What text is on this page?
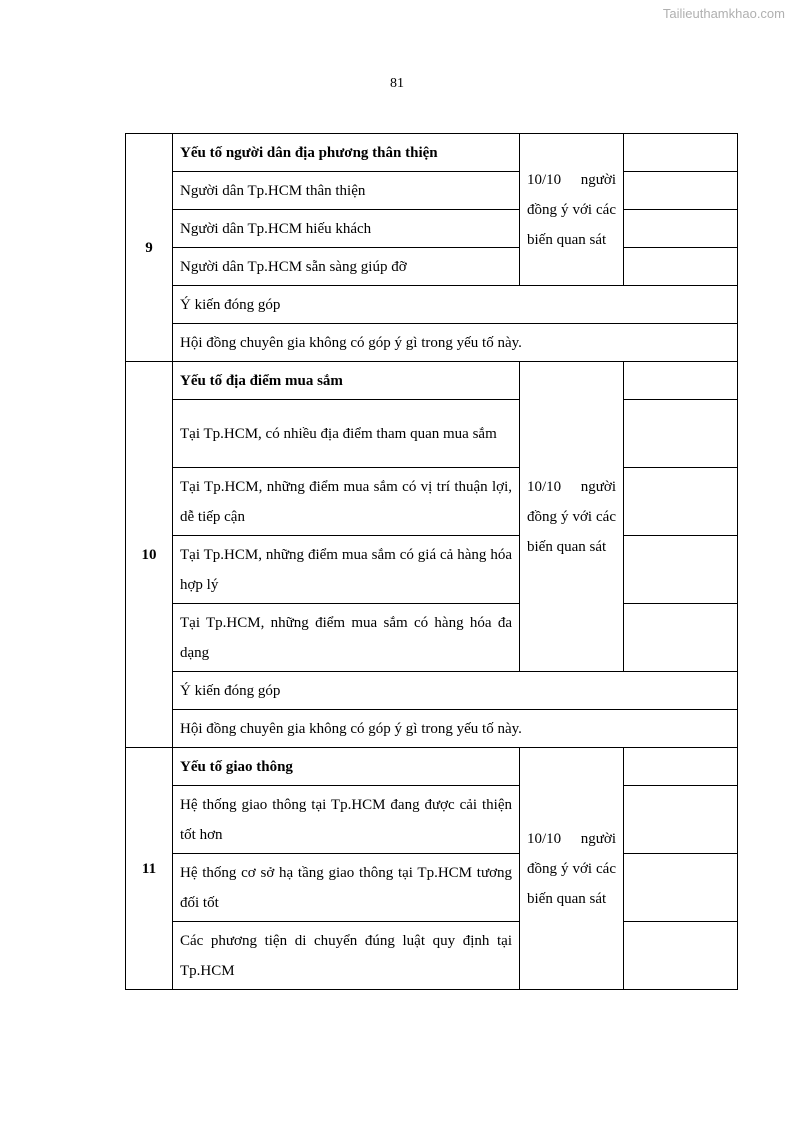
Tailieuthamkhao.com
81
9	Yếu tố người dân địa phương thân thiện	10/10 người đồng ý với các biến quan sát	
	Người dân Tp.HCM thân thiện		
	Người dân Tp.HCM hiếu khách		
	Người dân Tp.HCM sẵn sàng giúp đỡ		
	Ý kiến đóng góp		
	Hội đồng chuyên gia không có góp ý gì trong yếu tố này.		
10	Yếu tố địa điểm mua sắm	10/10 người đồng ý với các biến quan sát	
	Tại Tp.HCM, có nhiều địa điểm tham quan mua sắm		
	Tại Tp.HCM, những điểm mua sắm có vị trí thuận lợi, dễ tiếp cận		
	Tại Tp.HCM, những điểm mua sắm có giá cả hàng hóa hợp lý		
	Tại Tp.HCM, những điểm mua sắm có hàng hóa đa dạng		
	Ý kiến đóng góp		
	Hội đồng chuyên gia không có góp ý gì trong yếu tố này.		
11	Yếu tố giao thông	10/10 người đồng ý với các biến quan sát	
	Hệ thống giao thông tại Tp.HCM đang được cải thiện tốt hơn		
	Hệ thống cơ sở hạ tầng giao thông tại Tp.HCM tương đối tốt		
	Các phương tiện di chuyển đúng luật quy định tại Tp.HCM		
